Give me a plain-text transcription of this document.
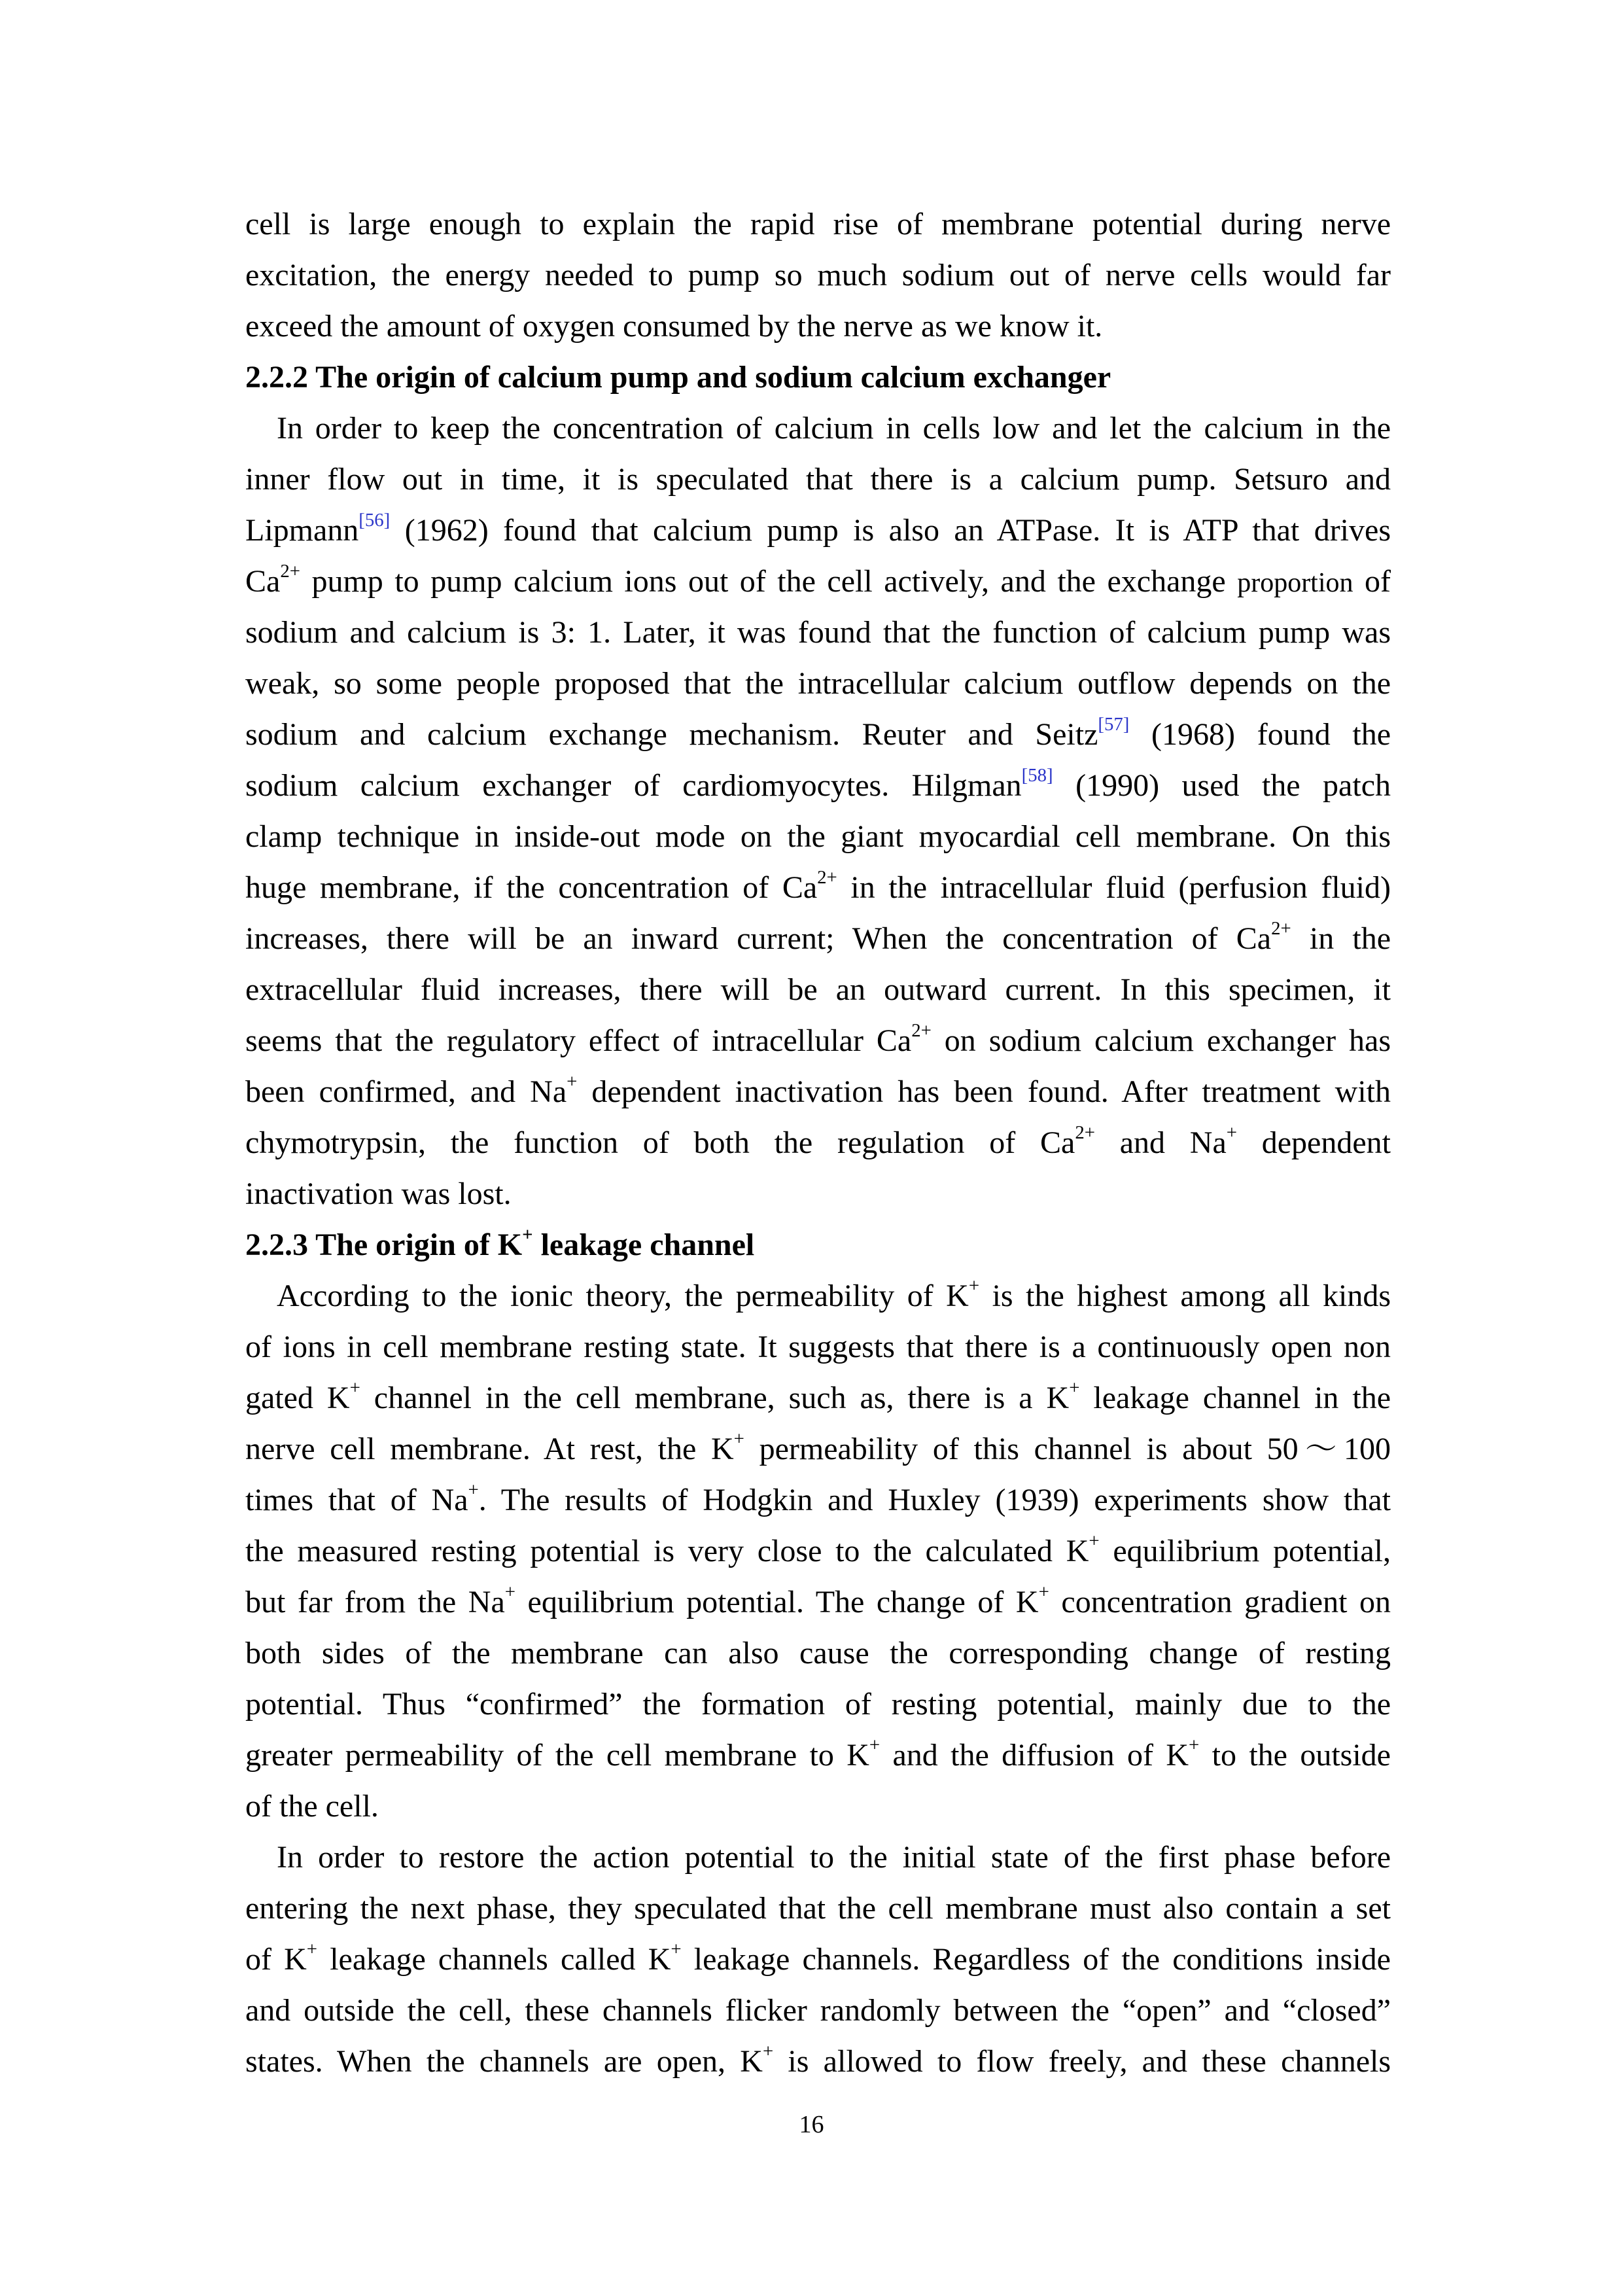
cell is large enough to explain the rapid rise of membrane potential during nerve
excitation, the energy needed to pump so much sodium out of nerve cells would far
exceed the amount of oxygen consumed by the nerve as we know it.
2.2.2 The origin of calcium pump and sodium calcium exchanger
In order to keep the concentration of calcium in cells low and let the calcium in the
inner flow out in time, it is speculated that there is a calcium pump. Setsuro and
Lipmann[56] (1962) found that calcium pump is also an ATPase. It is ATP that drives
$Ca^{2+}$ pump to pump calcium ions out of the cell actively, and the exchange proportion of
sodium and calcium is 3: 1. Later, it was found that the function of calcium pump was
weak, so some people proposed that the intracellular calcium outflow depends on the
sodium and calcium exchange mechanism. Reuter and Seitz[57] (1968) found the
sodium calcium exchanger of cardiomyocytes. Hilgman[58] (1990) used the patch
clamp technique in inside-out mode on the giant myocardial cell membrane. On this
huge membrane, if the concentration of $Ca^{2+}$ in the intracellular fluid (perfusion fluid)
increases, there will be an inward current; When the concentration of $Ca^{2+}$ in the
extracellular fluid increases, there will be an outward current. In this specimen, it
seems that the regulatory effect of intracellular $Ca^{2+}$ on sodium calcium exchanger has
been confirmed, and Na+ dependent inactivation has been found. After treatment with
chymotrypsin, the function of both the regulation of $Ca^{2+}$ and Na+ dependent
inactivation was lost.
2.2.3 The origin of K+ leakage channel
According to the ionic theory, the permeability of K+ is the highest among all kinds
of ions in cell membrane resting state. It suggests that there is a continuously open non
gated K+ channel in the cell membrane, such as, there is a K+ leakage channel in the
nerve cell membrane. At rest, the K+ permeability of this channel is about 50～100
times that of Na+. The results of Hodgkin and Huxley (1939) experiments show that
the measured resting potential is very close to the calculated K+ equilibrium potential,
but far from the Na+ equilibrium potential. The change of K+ concentration gradient on
both sides of the membrane can also cause the corresponding change of resting
potential. Thus “confirmed” the formation of resting potential, mainly due to the
greater permeability of the cell membrane to K+ and the diffusion of K+ to the outside
of the cell.
In order to restore the action potential to the initial state of the first phase before
entering the next phase, they speculated that the cell membrane must also contain a set
of K+ leakage channels called K+ leakage channels. Regardless of the conditions inside
and outside the cell, these channels flicker randomly between the “open” and “closed”
states. When the channels are open, K+ is allowed to flow freely, and these channels
16
